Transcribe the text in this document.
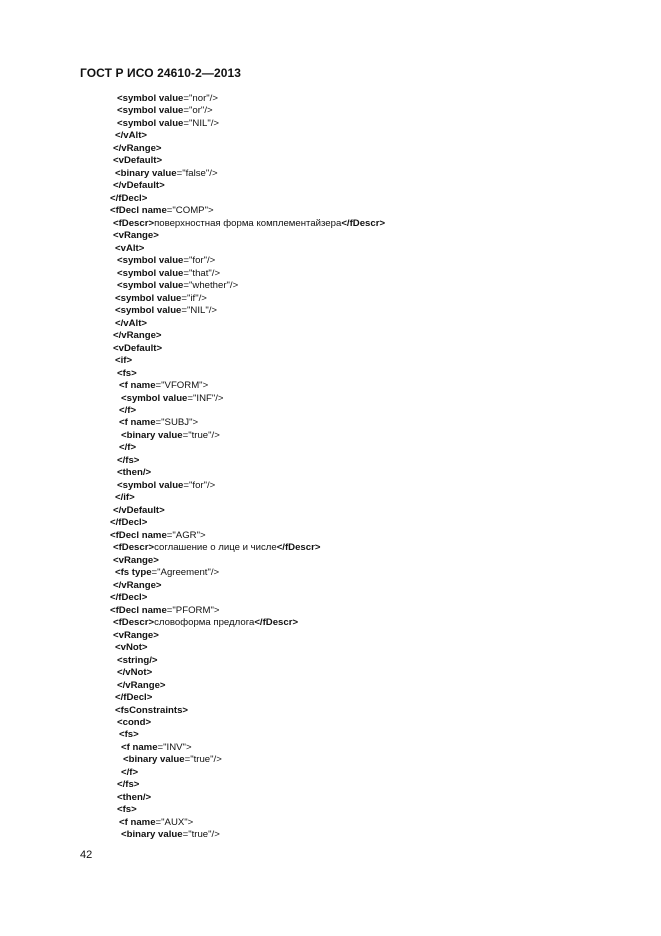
ГОСТ Р ИСО 24610-2—2013
<symbol value="nor"/>
<symbol value="or"/>
<symbol value="NIL"/>
</vAlt>
</vRange>
<vDefault>
<binary value="false"/>
</vDefault>
</fDecl>
<fDecl name="COMP">
<fDescr>поверхностная форма комплементайзера</fDescr>
<vRange>
<vAlt>
<symbol value="for"/>
<symbol value="that"/>
<symbol value="whether"/>
<symbol value="if"/>
<symbol value="NIL"/>
</vAlt>
</vRange>
<vDefault>
<if>
<fs>
<f name="VFORM">
<symbol value="INF"/>
</f>
<f name="SUBJ">
<binary value="true"/>
</f>
</fs>
<then/>
<symbol value="for"/>
</if>
</vDefault>
</fDecl>
<fDecl name="AGR">
<fDescr>соглашение о лице и числе</fDescr>
<vRange>
<fs type="Agreement"/>
</vRange>
</fDecl>
<fDecl name="PFORM">
<fDescr>словоформа предлога</fDescr>
<vRange>
<vNot>
<string/>
</vNot>
</vRange>
</fDecl>
<fsConstraints>
<cond>
<fs>
<f name="INV">
<binary value="true"/>
</f>
</fs>
<then/>
<fs>
<f name="AUX">
<binary value="true"/>
42
